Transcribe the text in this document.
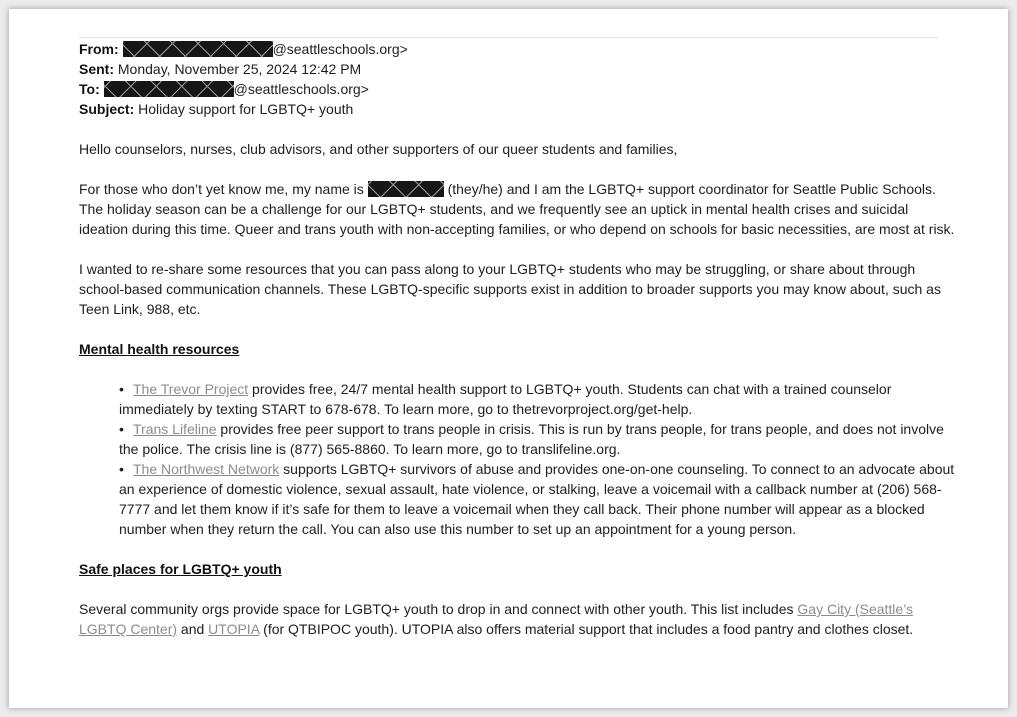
From:	@seattleschools.org>
Sent: Monday, November 25, 2024 12:42 PM
To:	@seattleschools.org>
Subject: Holiday support for LGBTQ+ youth

Hello counselors, nurses, club advisors, and other supporters of our queer students and families,

For those who don’t yet know me, my name is	(they/he) and I am the LGBTQ+ support coordinator for Seattle Public Schools. The holiday season can be a challenge for our LGBTQ+ students, and we frequently see an uptick in mental health crises and suicidal ideation during this time. Queer and trans youth with non-accepting families, or who depend on schools for basic necessities, are most at risk.

I wanted to re-share some resources that you can pass along to your LGBTQ+ students who may be struggling, or share about through school-based communication channels. These LGBTQ-specific supports exist in addition to broader supports you may know about, such as Teen Link, 988, etc.

Mental health resources

• The Trevor Project provides free, 24/7 mental health support to LGBTQ+ youth. Students can chat with a trained counselor immediately by texting START to 678-678. To learn more, go to thetrevorproject.org/get-help.
• Trans Lifeline provides free peer support to trans people in crisis. This is run by trans people, for trans people, and does not involve the police. The crisis line is (877) 565-8860. To learn more, go to translifeline.org.
• The Northwest Network supports LGBTQ+ survivors of abuse and provides one-on-one counseling. To connect to an advocate about an experience of domestic violence, sexual assault, hate violence, or stalking, leave a voicemail with a callback number at (206) 568-7777 and let them know if it’s safe for them to leave a voicemail when they call back. Their phone number will appear as a blocked number when they return the call. You can also use this number to set up an appointment for a young person.

Safe places for LGBTQ+ youth

Several community orgs provide space for LGBTQ+ youth to drop in and connect with other youth. This list includes Gay City (Seattle’s LGBTQ Center) and UTOPIA (for QTBIPOC youth). UTOPIA also offers material support that includes a food pantry and clothes closet.
